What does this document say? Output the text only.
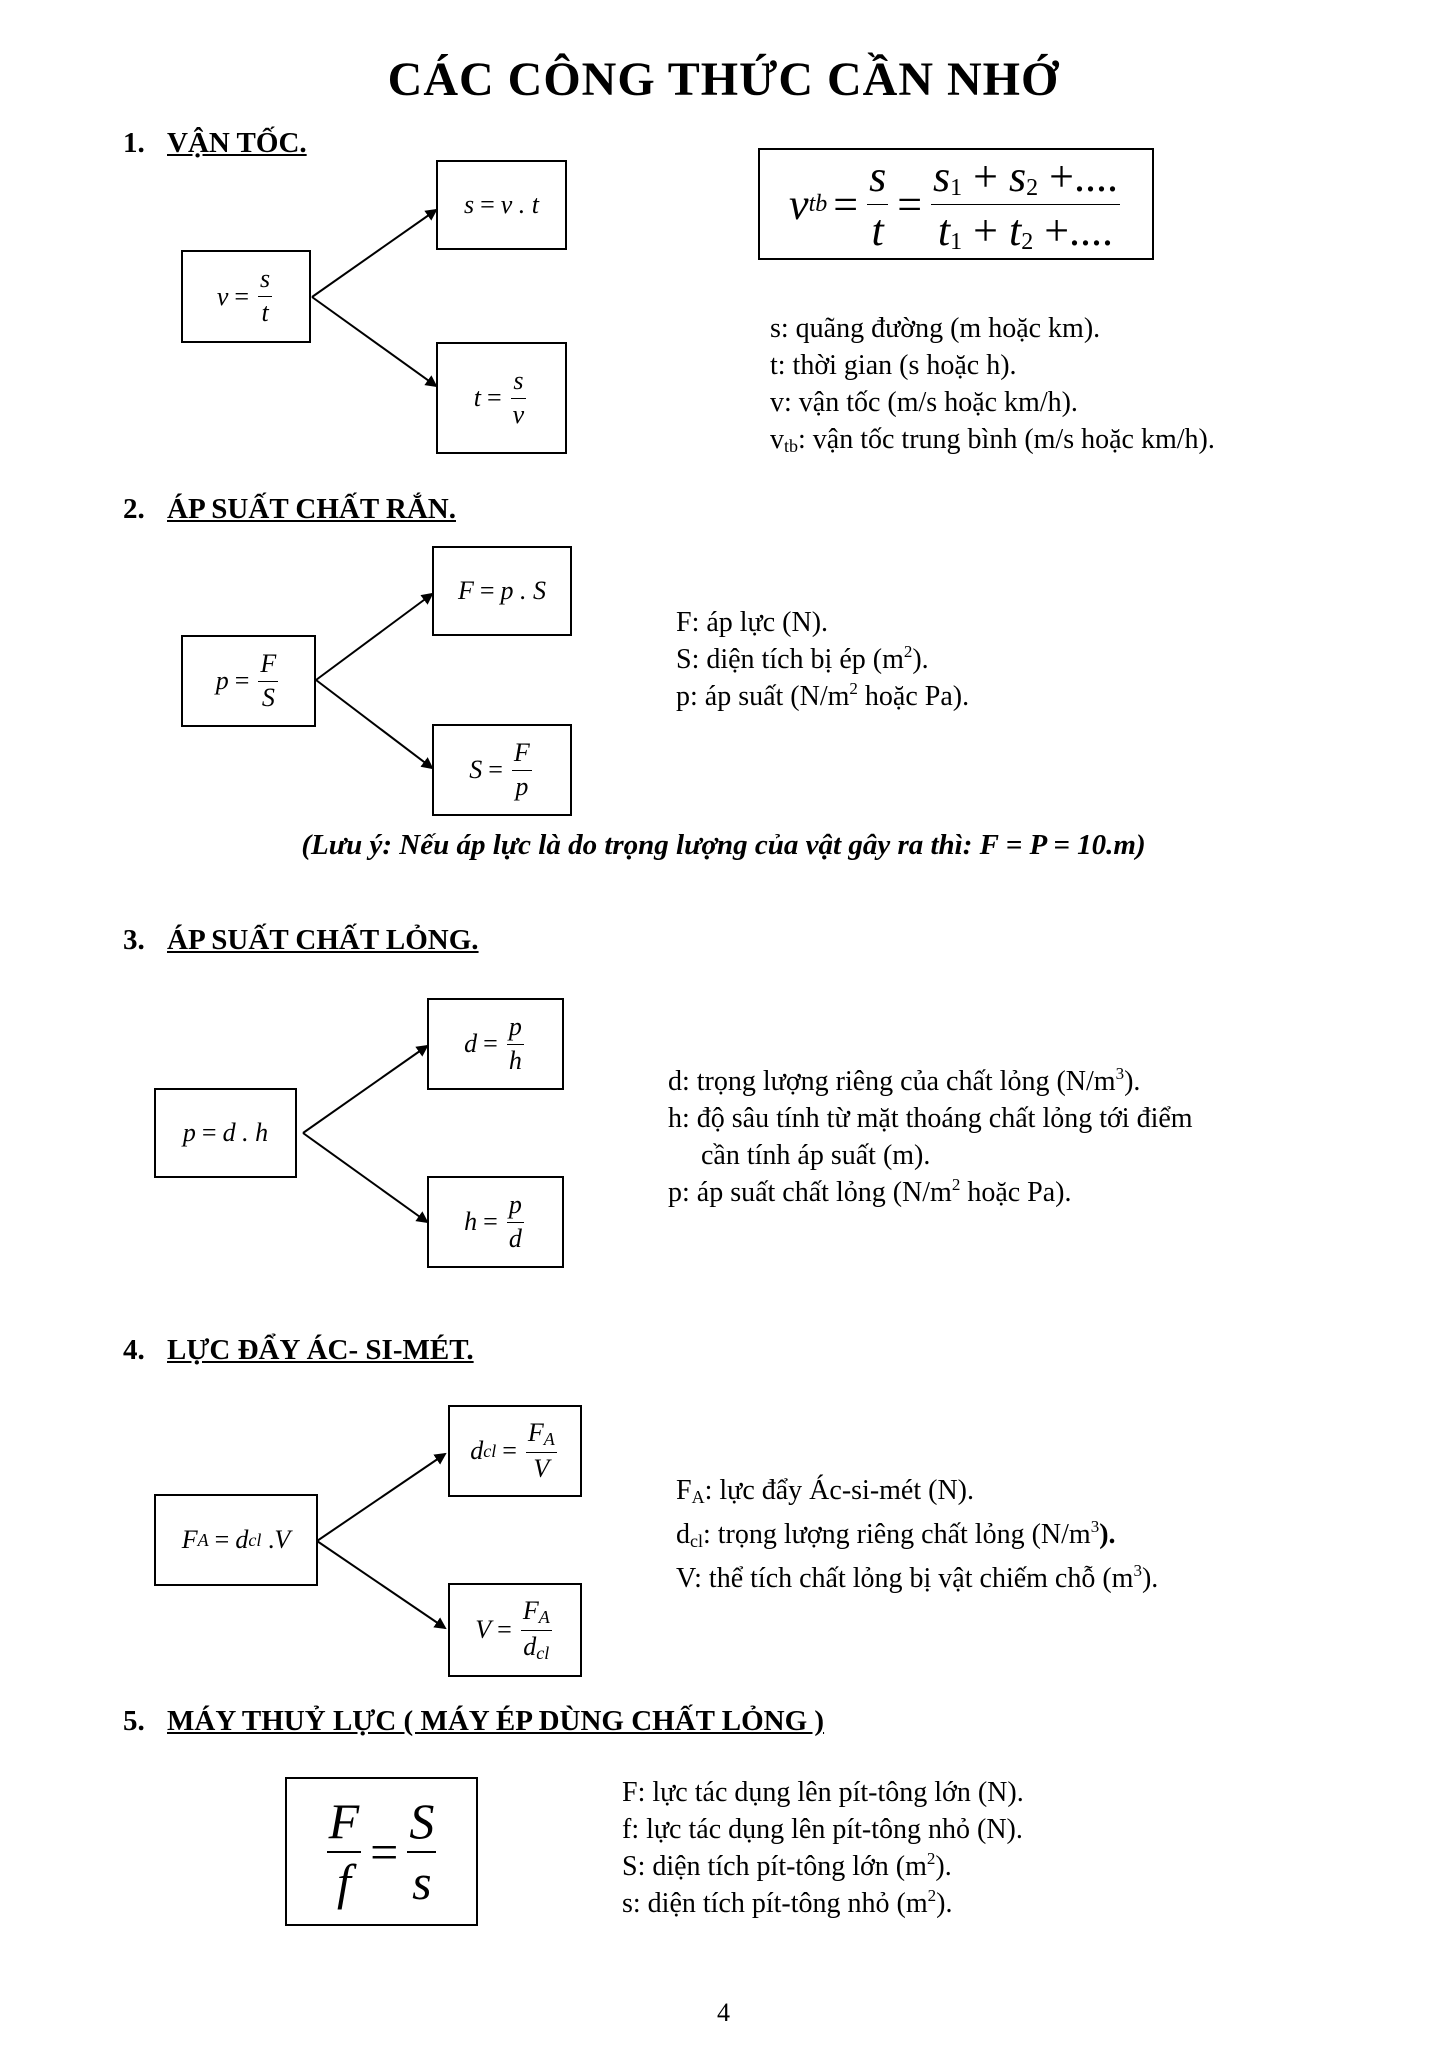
CÁC CÔNG THỨC CẦN NHỚ
1. VẬN TỐC.
$v = \frac{s}{t}$
s = v . t
$t = \frac{s}{v}$
v tb = $\frac{s}{t} = \frac{s_1 + s_2 +....}{t_1 + t_2 +....}$

s: quãng đường (m hoặc km).

t: thời gian (s hoặc h).

v: vận tốc (m/s hoặc km/h).

$v_{tb}$: vận tốc trung bình (m/s hoặc km/h).

2. ÁP SUẤT CHẤT RẮN.
$p = \frac{F}{S}$
F = p . S
$S = \frac{F}{p}$

F: áp lực (N).

S: diện tích bị ép $(m^2)$.

p: áp suất ($N/m^2$ hoặc Pa).

(Lưu ý: Nếu áp lực là do trọng lượng của vật gây ra thì: F = P = 10.m)
3. ÁP SUẤT CHẤT LỎNG.
p = d . h
$d = \frac{p}{h}$
$h = \frac{p}{d}$

d: trọng lượng riêng của chất lỏng $(N/m^3)$.

h: độ sâu tính từ mặt thoáng chất lỏng tới điểm

cần tính áp suất (m).

p: áp suất chất lỏng ($N/m^2$ hoặc Pa).

4. LỰC ĐẨY ÁC- SI-MÉT.
F A = d cl . V
d cl = $\frac{F_A}{V}$
$V = \frac{F_A}{d_{cl}}$

$F_A$: lực đẩy Ác-si-mét (N).

$d_{cl}$: trọng lượng riêng chất lỏng $(N/m^3)$.

V: thể tích chất lỏng bị vật chiếm chỗ $(m^3)$.

5. MÁY THUỶ LỰC ( MÁY ÉP DÙNG CHẤT LỎNG )
$\frac{F}{f} = \frac{S}{s}$

F: lực tác dụng lên pít-tông lớn (N).

f: lực tác dụng lên pít-tông nhỏ (N).

S: diện tích pít-tông lớn $(m^2)$.

s: diện tích pít-tông nhỏ $(m^2)$.

4
